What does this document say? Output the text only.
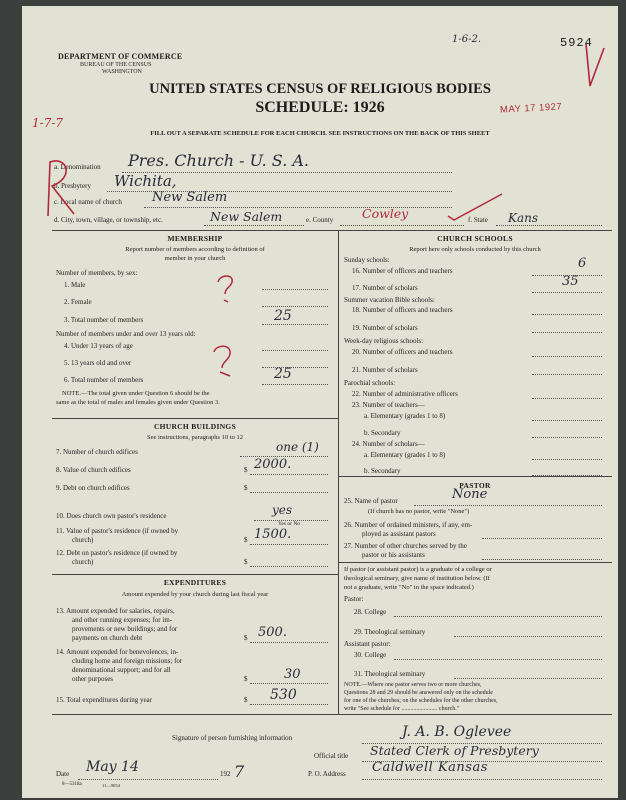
1-6-2.	5924
MAY 17 1927
1-7-7
DEPARTMENT OF COMMERCE
BUREAU OF THE CENSUS
WASHINGTON
UNITED STATES CENSUS OF RELIGIOUS BODIES
SCHEDULE: 1926
FILL OUT A SEPARATE SCHEDULE FOR EACH CHURCH. SEE INSTRUCTIONS ON THE BACK OF THIS SHEET
a. Denomination Pres. Church - U. S. A.
b. Presbytery Wichita,
c. Local name of church New Salem
d. City, town, village, or township, etc.	New Salem	e. County Cowley	f. State Kans
MEMBERSHIP
Report number of members according to definition of
member in your church
Number of members, by sex:
1. Male
2. Female
3. Total number of members	25
Number of members under and over 13 years old:
4. Under 13 years of age
5. 13 years old and over
6. Total number of members	25
NOTE.—The total given under Question 6 should be the
same as the total of males and females given under Question 3.
CHURCH BUILDINGS
See instructions, paragraphs 10 to 12
7. Number of church edifices	one (1)
8. Value of church edifices	$ 2000.
9. Debt on church edifices	$
10. Does church own pastor's residence	yes
Yes or No
11. Value of pastor's residence (if owned by
church)	$ 1500.
12. Debt on pastor's residence (if owned by
church)	$
EXPENDITURES
Amount expended by your church during last fiscal year
13. Amount expended for salaries, repairs,
and other running expenses; for im-
provements or new buildings; and for
payments on church debt	$ 500.
14. Amount expended for benevolences, in-
cluding home and foreign missions; for
denominational support; and for all
other purposes	$	30
15. Total expenditures during year	$ 530
CHURCH SCHOOLS
Report here only schools conducted by this church
Sunday schools:
16. Number of officers and teachers	6
17. Number of scholars	35
Summer vacation Bible schools:
18. Number of officers and teachers
19. Number of scholars
Week-day religious schools:
20. Number of officers and teachers
21. Number of scholars
Parochial schools:
22. Number of administrative officers
23. Number of teachers—
a. Elementary (grades 1 to 8)
b. Secondary
24. Number of scholars—
a. Elementary (grades 1 to 8)
b. Secondary
PASTOR
25. Name of pastor	None
(If church has no pastor, write "None")
26. Number of ordained ministers, if any, em-
ployed as assistant pastors
27. Number of other churches served by the
pastor or his assistants
If pastor (or assistant pastor) is a graduate of a college or
theological seminary, give name of institution below. (If
not a graduate, write "No" in the space indicated.)
Pastor:
28. College
29. Theological seminary
Assistant pastor:
30. College
31. Theological seminary
NOTE.—Where one pastor serves two or more churches,
Questions 28 and 29 should be answered only on the schedule
for one of the churches; on the schedules for the other churches,
write "See schedule for ........................ church."
Signature of person furnishing information	J. A. B. Oglevee
Official title Stated Clerk of Presbytery
Date May 14	192 7	P. O. Address Caldwell Kansas
8—5318a	11—9054
